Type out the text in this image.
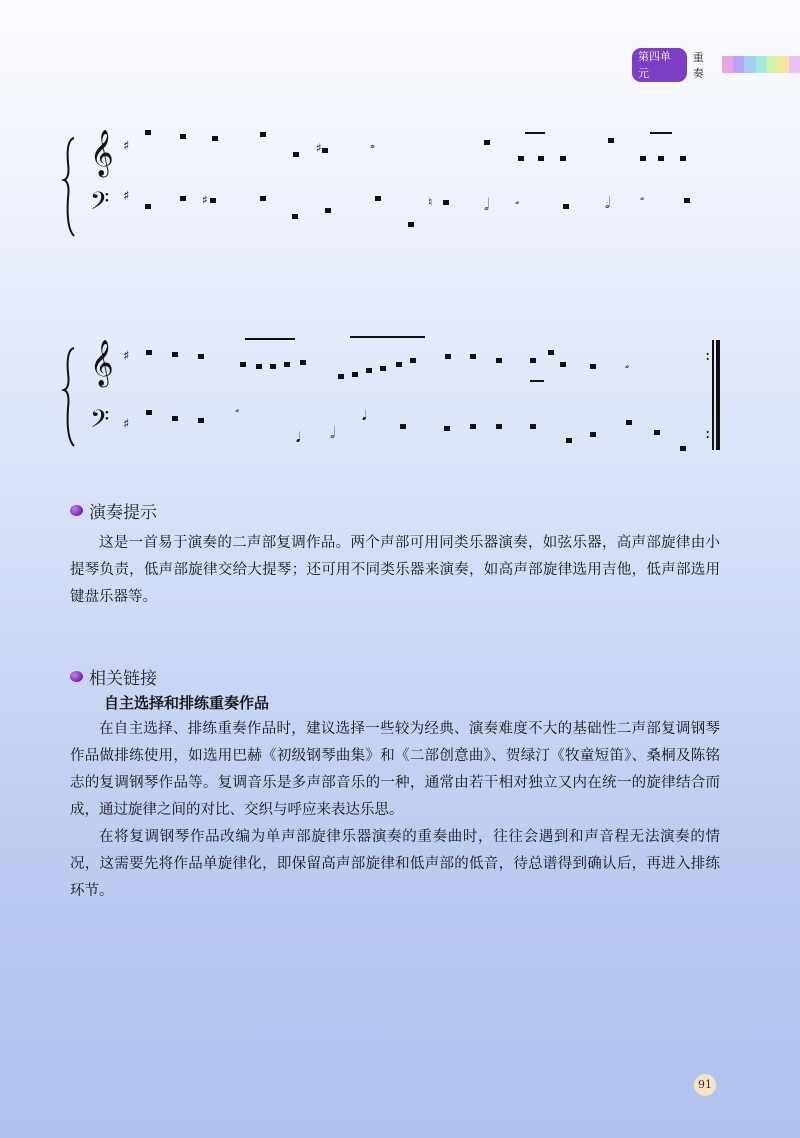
第四单元
重奏
𝄞
𝄢
♯
♯
♯	𝅗
♯	♮	𝅗𝅥 𝅗	𝅗𝅥 𝅗
𝄞
𝄢
♯
♯
𝅗	:
𝅗
𝅘𝅥 𝅗𝅥
𝅘𝅥
:
演奏提示

这是一首易于演奏的二声部复调作品。两个声部可用同类乐器演奏，如弦乐器，高声部旋律由小提琴负责，低声部旋律交给大提琴；还可用不同类乐器来演奏，如高声部旋律选用吉他，低声部选用键盘乐器等。

相关链接
自主选择和排练重奏作品

在自主选择、排练重奏作品时，建议选择一些较为经典、演奏难度不大的基础性二声部复调钢琴作品做排练使用，如选用巴赫《初级钢琴曲集》和《二部创意曲》、贺绿汀《牧童短笛》、桑桐及陈铭志的复调钢琴作品等。复调音乐是多声部音乐的一种，通常由若干相对独立又内在统一的旋律结合而成，通过旋律之间的对比、交织与呼应来表达乐思。

在将复调钢琴作品改编为单声部旋律乐器演奏的重奏曲时，往往会遇到和声音程无法演奏的情况，这需要先将作品单旋律化，即保留高声部旋律和低声部的低音，待总谱得到确认后，再进入排练环节。

91
